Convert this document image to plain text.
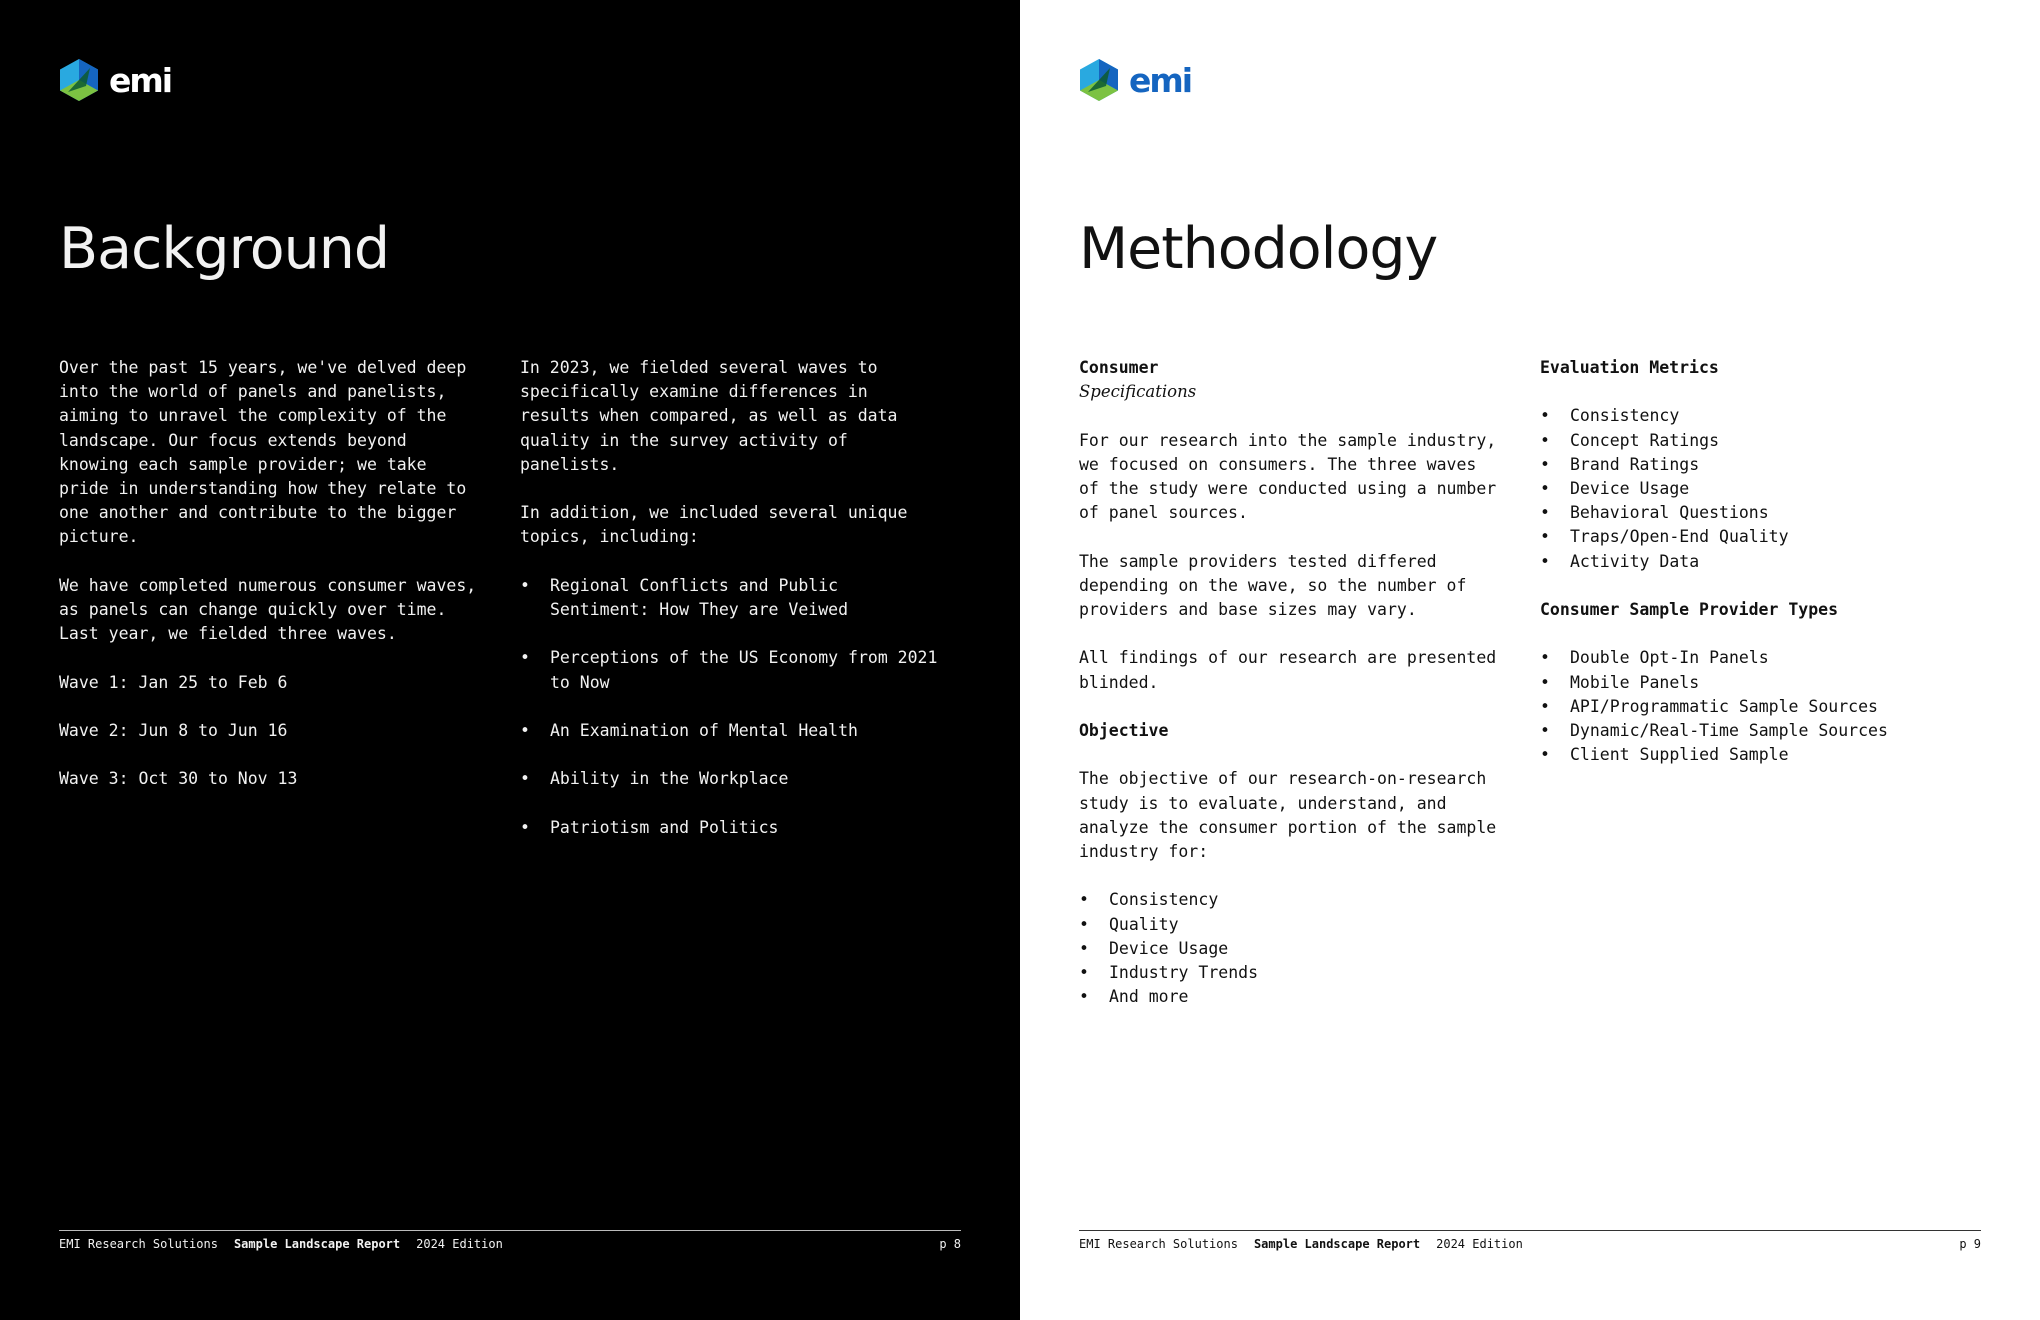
emi
Background

Over the past 15 years, we've delved deep into the world of panels and panelists, aiming to unravel the complexity of the landscape. Our focus extends beyond knowing each sample provider; we take pride in understanding how they relate to one another and contribute to the bigger picture.

We have completed numerous consumer waves, as panels can change quickly over time. Last year, we fielded three waves.

Wave 1: Jan 25 to Feb 6

Wave 2: Jun 8 to Jun 16

Wave 3: Oct 30 to Nov 13

In 2023, we fielded several waves to specifically examine differences in results when compared, as well as data quality in the survey activity of panelists.

In addition, we included several unique topics, including:

• Regional Conflicts and Public Sentiment: How They are Veiwed
• Perceptions of the US Economy from 2021 to Now
• An Examination of Mental Health
• Ability in the Workplace
• Patriotism and Politics
EMI Research Solutions Sample Landscape Report 2024 Edition	p 8
emi
Methodology

Consumer

Specifications

For our research into the sample industry, we focused on consumers. The three waves of the study were conducted using a number of panel sources.

The sample providers tested differed depending on the wave, so the number of providers and base sizes may vary.

All findings of our research are presented blinded.

Objective

The objective of our research-on-research study is to evaluate, understand, and analyze the consumer portion of the sample industry for:

• Consistency
• Quality
• Device Usage
• Industry Trends
• And more

Evaluation Metrics

• Consistency
• Concept Ratings
• Brand Ratings
• Device Usage
• Behavioral Questions
• Traps/Open-End Quality
• Activity Data

Consumer Sample Provider Types

• Double Opt-In Panels
• Mobile Panels
• API/Programmatic Sample Sources
• Dynamic/Real-Time Sample Sources
• Client Supplied Sample
EMI Research Solutions Sample Landscape Report 2024 Edition	p 9
